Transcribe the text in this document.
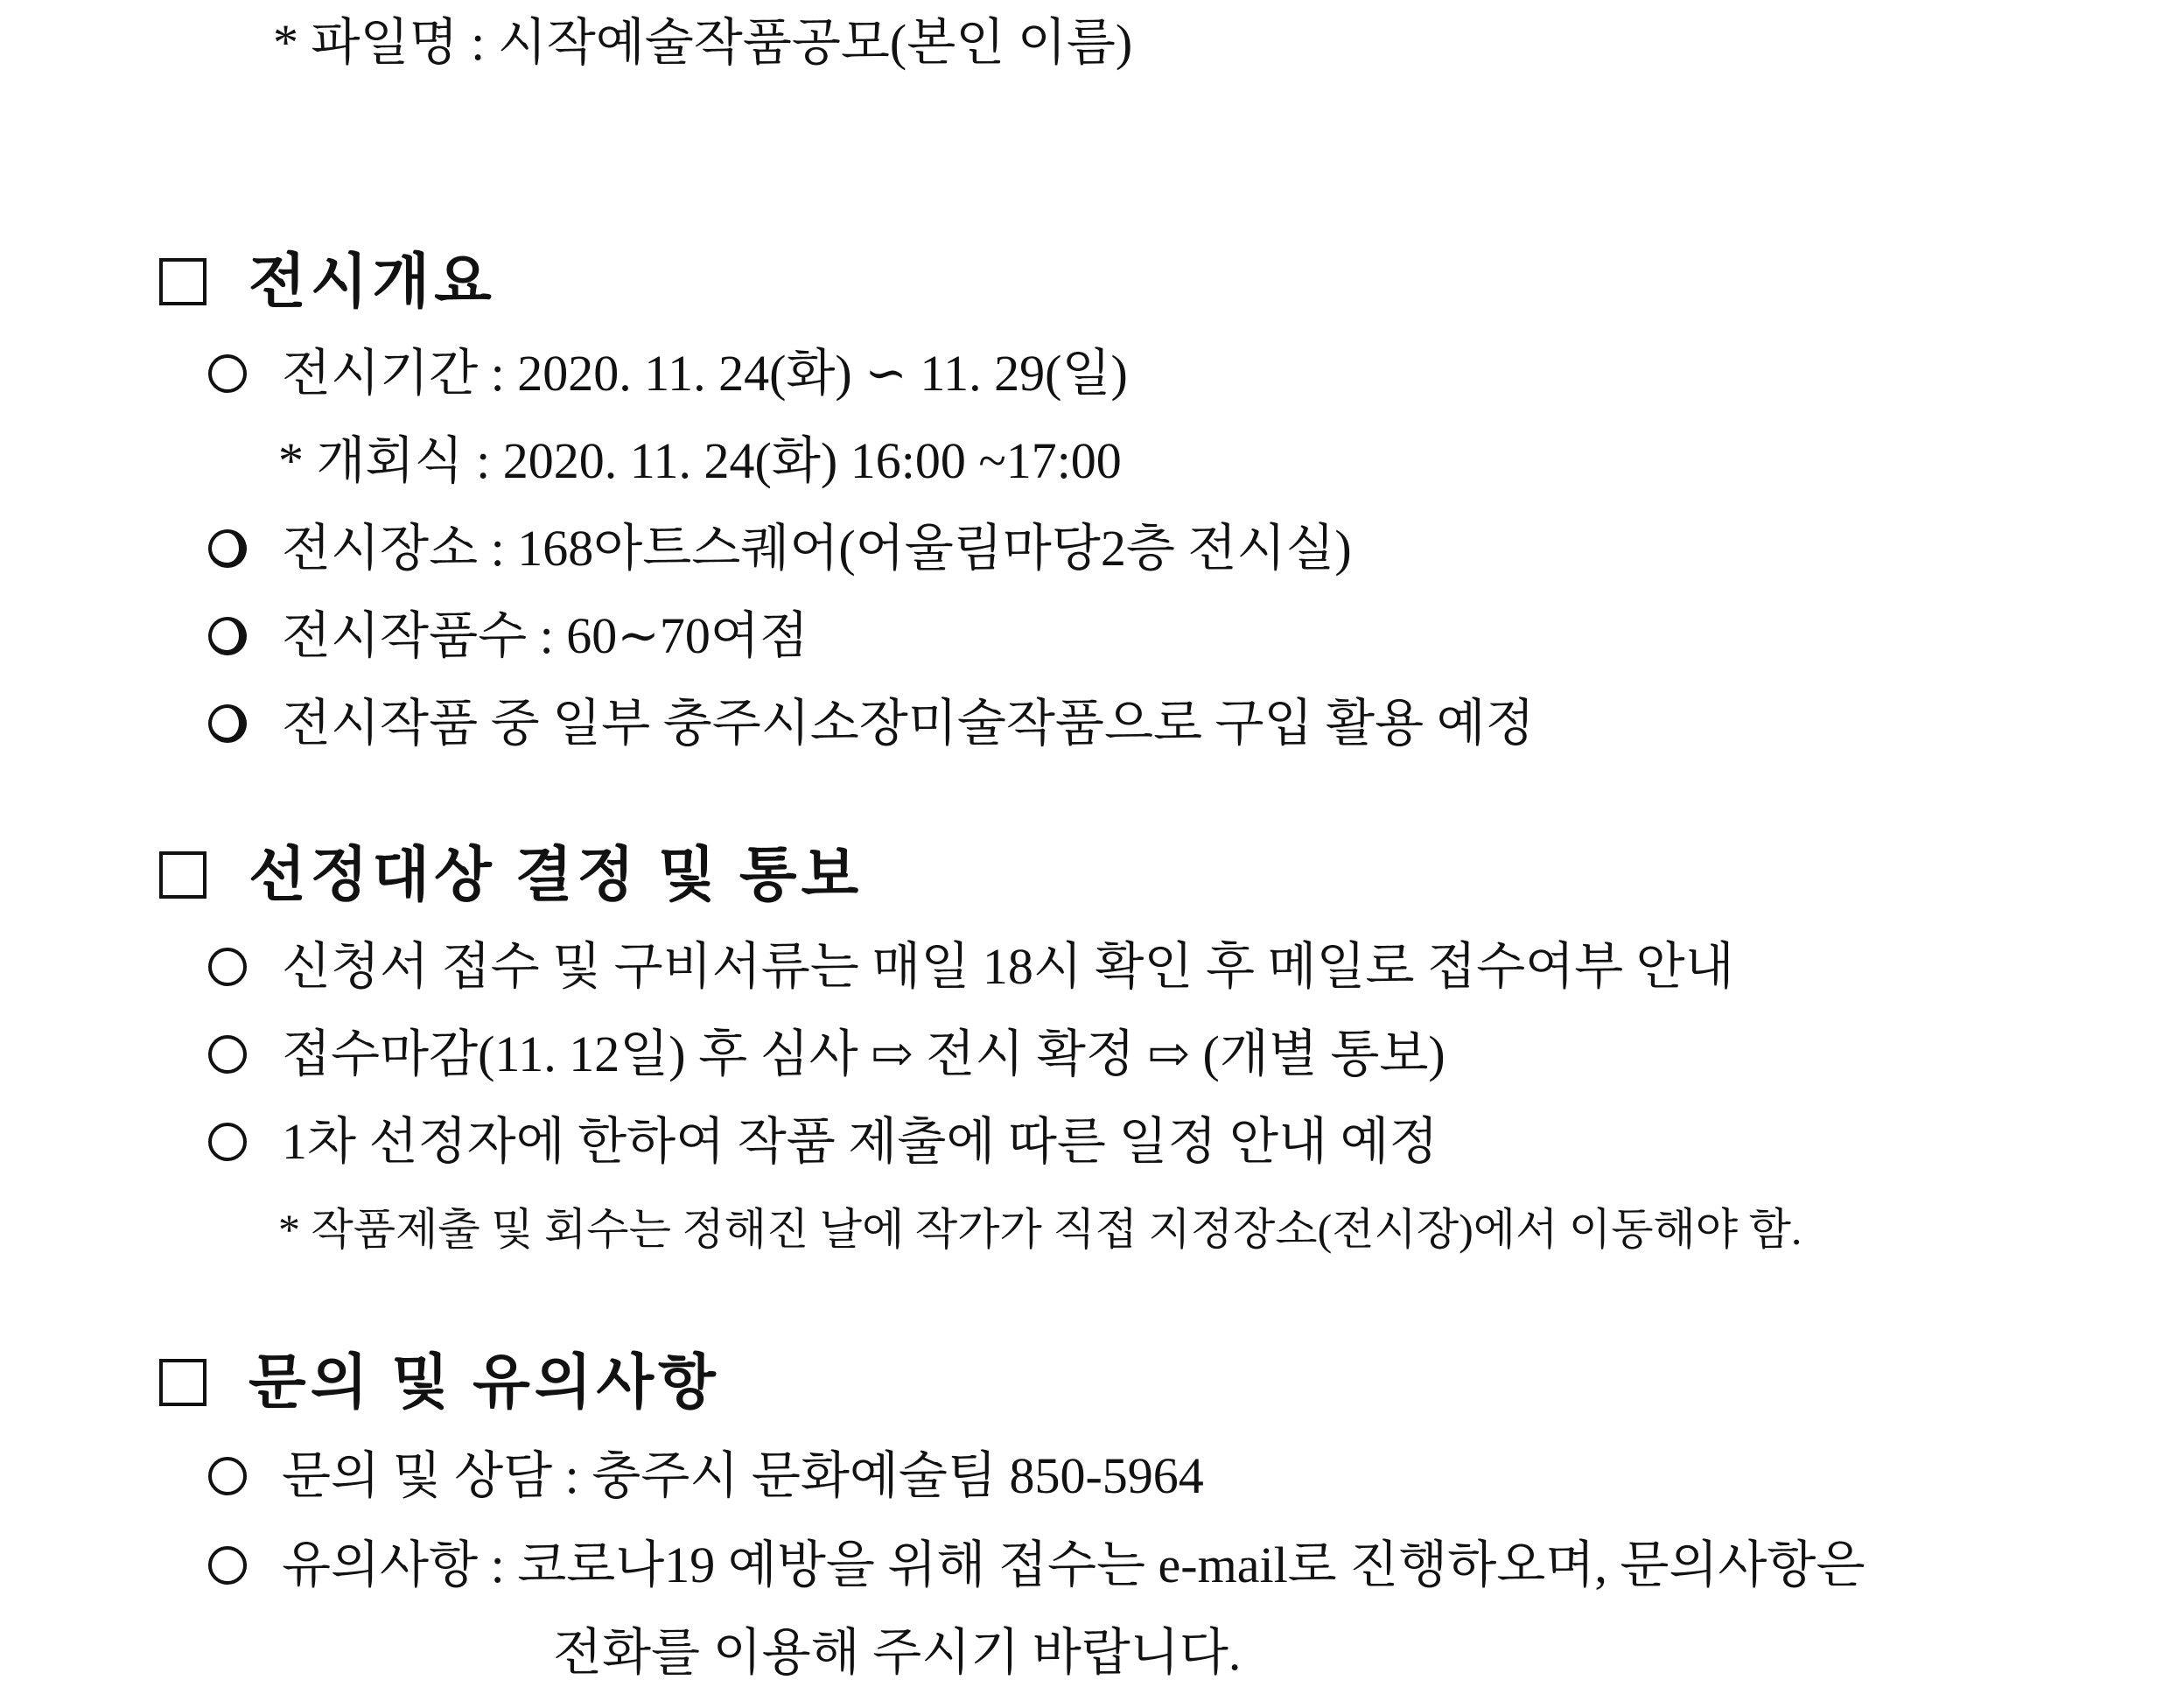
* 파일명 : 시작예술작품공모(본인 이름)
전시개요
전시기간 : 2020. 11. 24(화) ∽ 11. 29(일)
* 개회식 : 2020. 11. 24(화) 16:00 ~17:00
전시장소 : 168아트스퀘어(어울림마당2층 전시실)
전시작품수 : 60∼70여점
전시작품 중 일부 충주시소장미술작품으로 구입 활용 예정
선정대상 결정 및 통보
신청서 접수 및 구비서류는 매일 18시 확인 후 메일로 접수여부 안내
접수마감(11. 12일) 후 심사 ⇨ 전시 확정 ⇨ (개별 통보)
1차 선정자에 한하여 작품 제출에 따른 일정 안내 예정
* 작품제출 및 회수는 정해진 날에 작가가 직접 지정장소(전시장)에서 이동해야 함.
문의 및 유의사항
문의 및 상담 : 충주시 문화예술팀 850-5964
유의사항 : 코로나19 예방을 위해 접수는 e-mail로 진행하오며, 문의사항은
전화를 이용해 주시기 바랍니다.
